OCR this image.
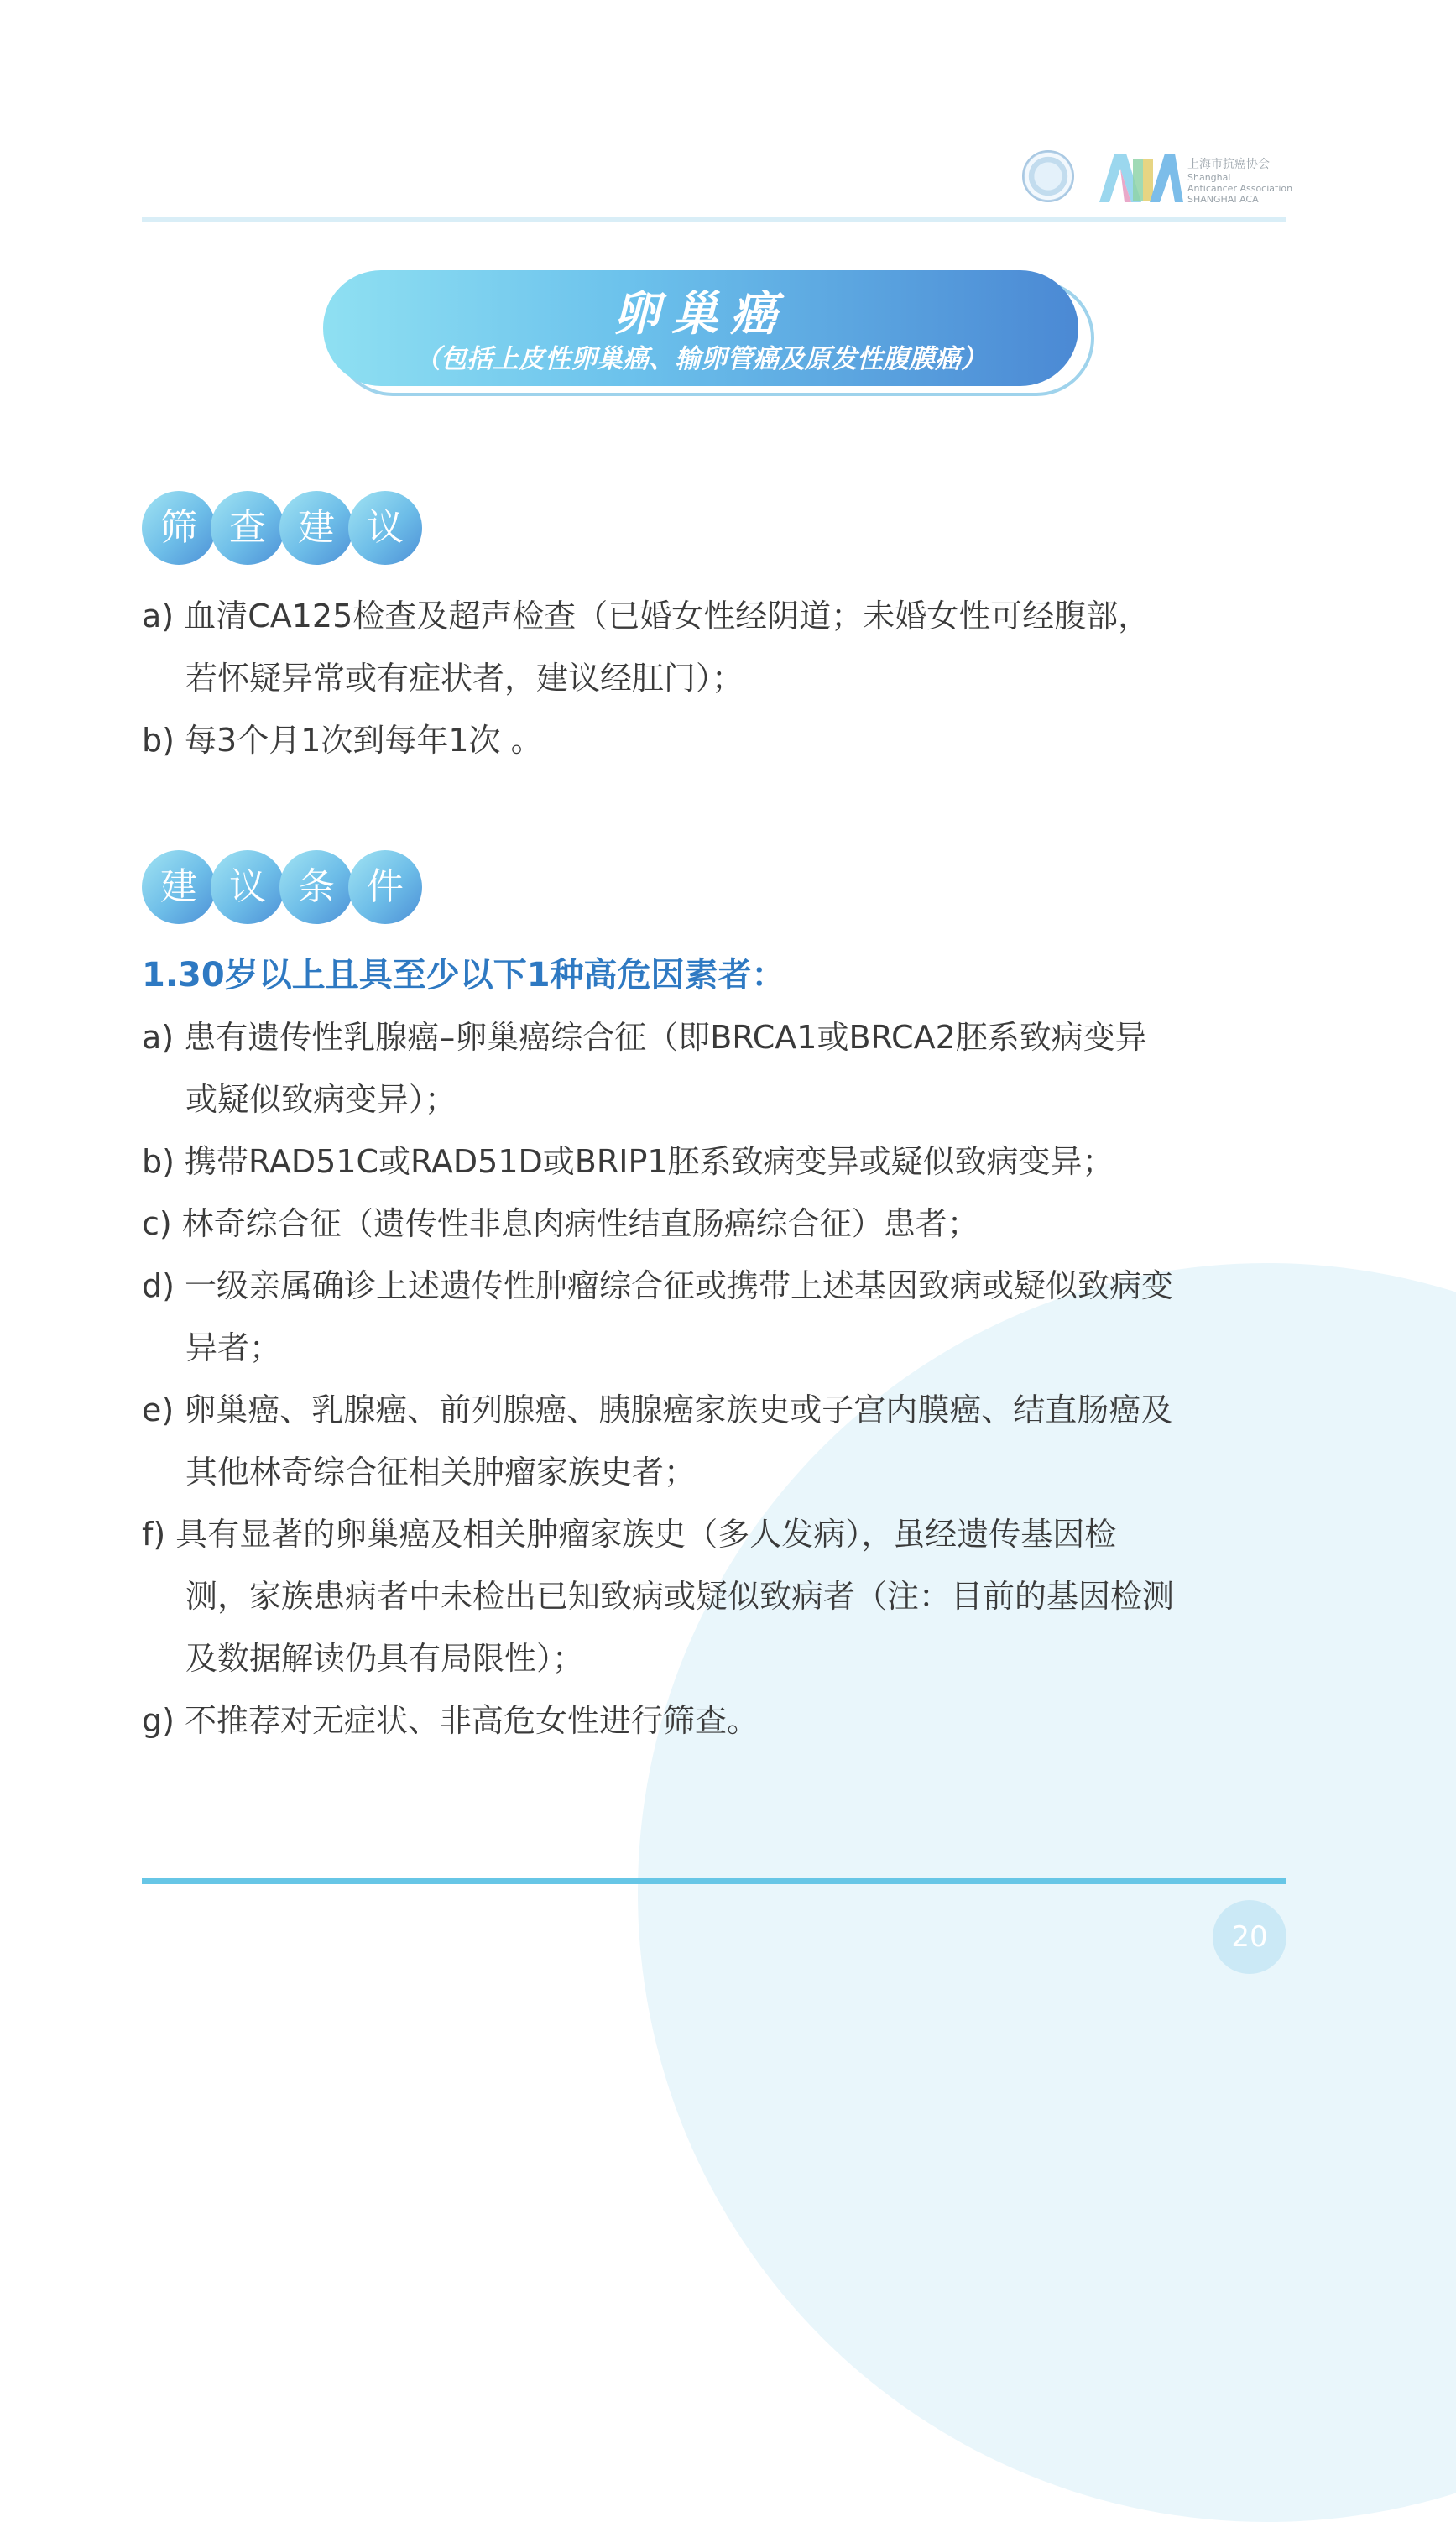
上海市抗癌协会
Shanghai
Anticancer Association
SHANGHAI ACA
卵巢癌
（包括上皮性卵巢癌、输卵管癌及原发性腹膜癌）
筛 查 建 议
a) 血清CA125检查及超声检查（已婚女性经阴道；未婚女性可经腹部，
若怀疑异常或有症状者，建议经肛门）；
b) 每3个月1次到每年1次 。
建 议 条 件
1.30岁以上且具至少以下1种高危因素者：
a) 患有遗传性乳腺癌–卵巢癌综合征（即BRCA1或BRCA2胚系致病变异
或疑似致病变异）；
b) 携带RAD51C或RAD51D或BRIP1胚系致病变异或疑似致病变异；
c) 林奇综合征（遗传性非息肉病性结直肠癌综合征）患者；
d) 一级亲属确诊上述遗传性肿瘤综合征或携带上述基因致病或疑似致病变
异者；
e) 卵巢癌、乳腺癌、前列腺癌、胰腺癌家族史或子宫内膜癌、结直肠癌及
其他林奇综合征相关肿瘤家族史者；
f) 具有显著的卵巢癌及相关肿瘤家族史（多人发病），虽经遗传基因检
测，家族患病者中未检出已知致病或疑似致病者（注：目前的基因检测
及数据解读仍具有局限性）；
g) 不推荐对无症状、非高危女性进行筛查。
20
